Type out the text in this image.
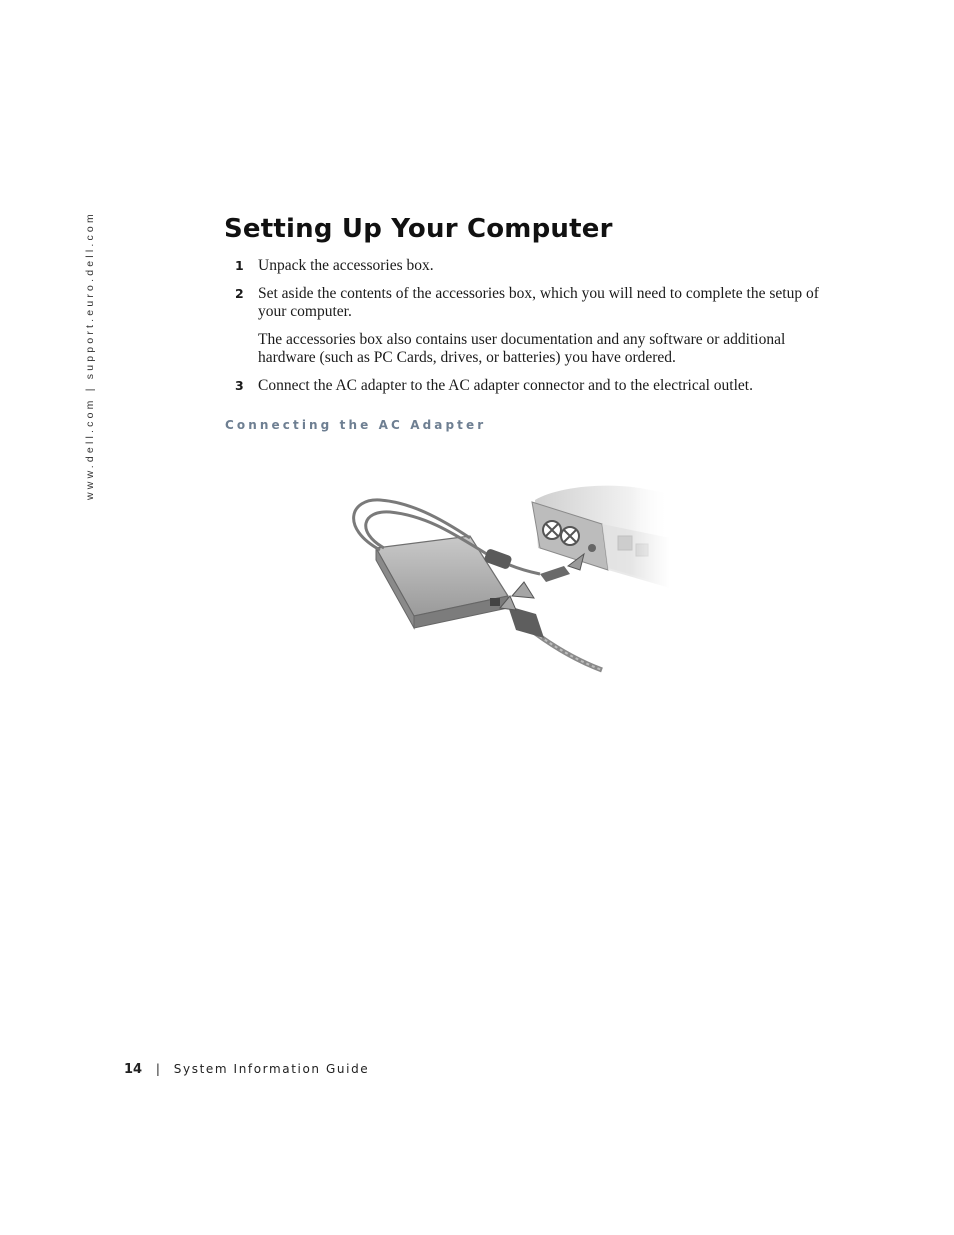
www.dell.com | support.euro.dell.com	Setting Up Your Computer
1 Unpack the accessories box.
2 Set aside the contents of the accessories box, which you will need to complete the setup of your computer.
The accessories box also contains user documentation and any software or additional hardware (such as PC Cards, drives, or batteries) you have ordered.
3 Connect the AC adapter to the AC adapter connector and to the electrical outlet.
Connecting the AC Adapter
14 | System Information Guide
